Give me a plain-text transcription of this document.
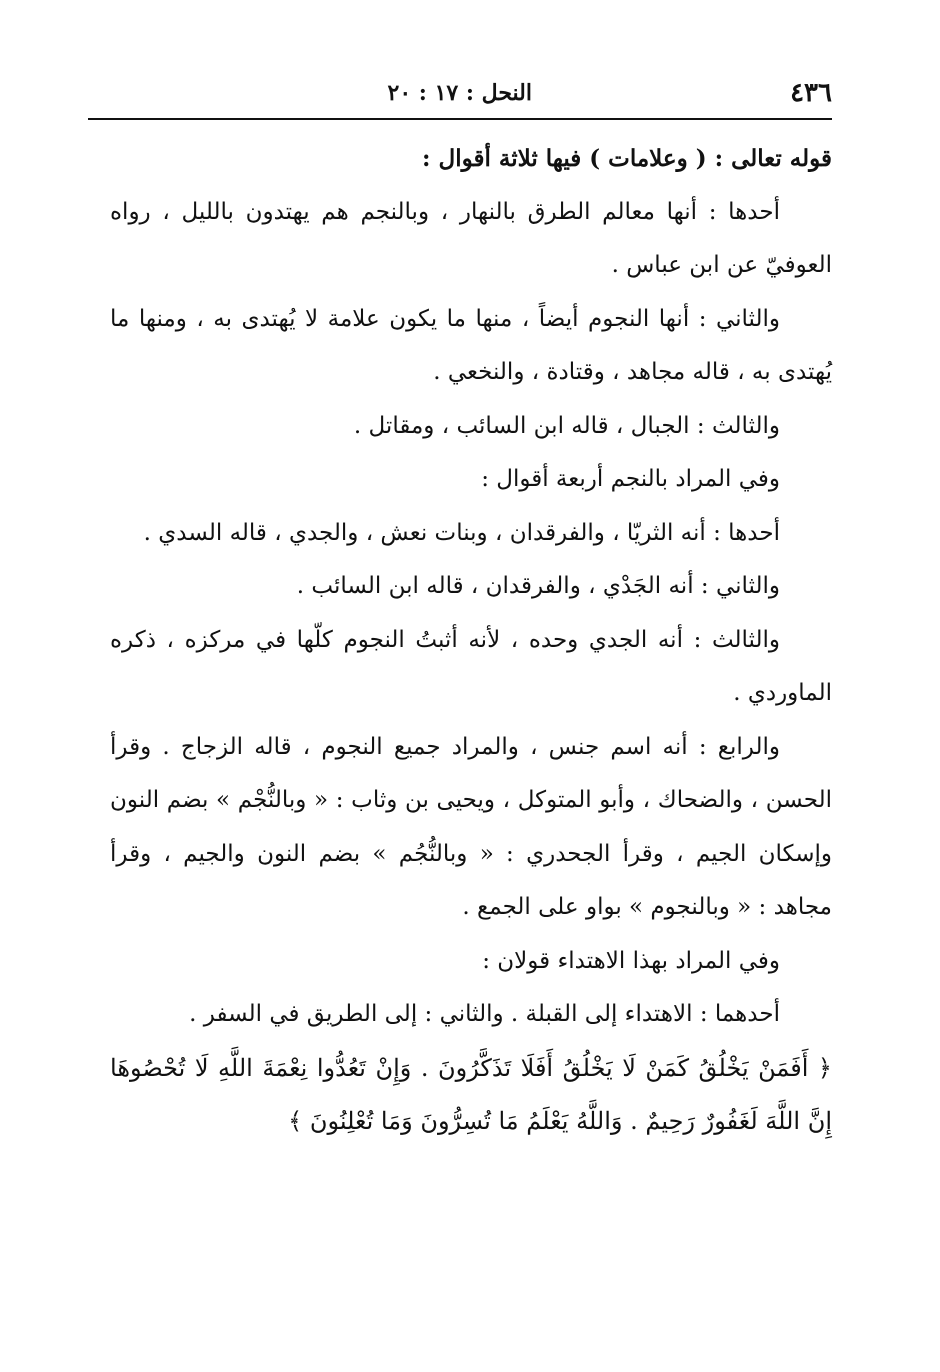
٤٣٦
النحل : ١٧ : ٢٠

قوله تعالى : ( وعلامات ) فيها ثلاثة أقوال :

أحدها : أنها معالم الطرق بالنهار ، وبالنجم هم يهتدون بالليل ، رواه العوفيّ عن ابن عباس .

والثاني : أنها النجوم أيضاً ، منها ما يكون علامة لا يُهتدى به ، ومنها ما يُهتدى به ، قاله مجاهد ، وقتادة ، والنخعي .

والثالث : الجبال ، قاله ابن السائب ، ومقاتل .

وفي المراد بالنجم أربعة أقوال :

أحدها : أنه الثريّا ، والفرقدان ، وبنات نعش ، والجدي ، قاله السدي .

والثاني : أنه الجَدْي ، والفرقدان ، قاله ابن السائب .

والثالث : أنه الجدي وحده ، لأنه أثبتُ النجوم كلّها في مركزه ، ذكره الماوردي .

والرابع : أنه اسم جنس ، والمراد جميع النجوم ، قاله الزجاج . وقرأ الحسن ، والضحاك ، وأبو المتوكل ، ويحيى بن وثاب : « وبالنُّجْم » بضم النون وإسكان الجيم ، وقرأ الجحدري : « وبالنُّجُم » بضم النون والجيم ، وقرأ مجاهد : « وبالنجوم » بواو على الجمع .

وفي المراد بهذا الاهتداء قولان :

أحدهما : الاهتداء إلى القبلة . والثاني : إلى الطريق في السفر .

﴿ أَفَمَنْ يَخْلُقُ كَمَنْ لَا يَخْلُقُ أَفَلَا تَذَكَّرُونَ . وَإِنْ تَعُدُّوا نِعْمَةَ اللَّهِ لَا تُحْصُوهَا إِنَّ اللَّهَ لَغَفُورٌ رَحِيمٌ . وَاللَّهُ يَعْلَمُ مَا تُسِرُّونَ وَمَا تُعْلِنُونَ ﴾
